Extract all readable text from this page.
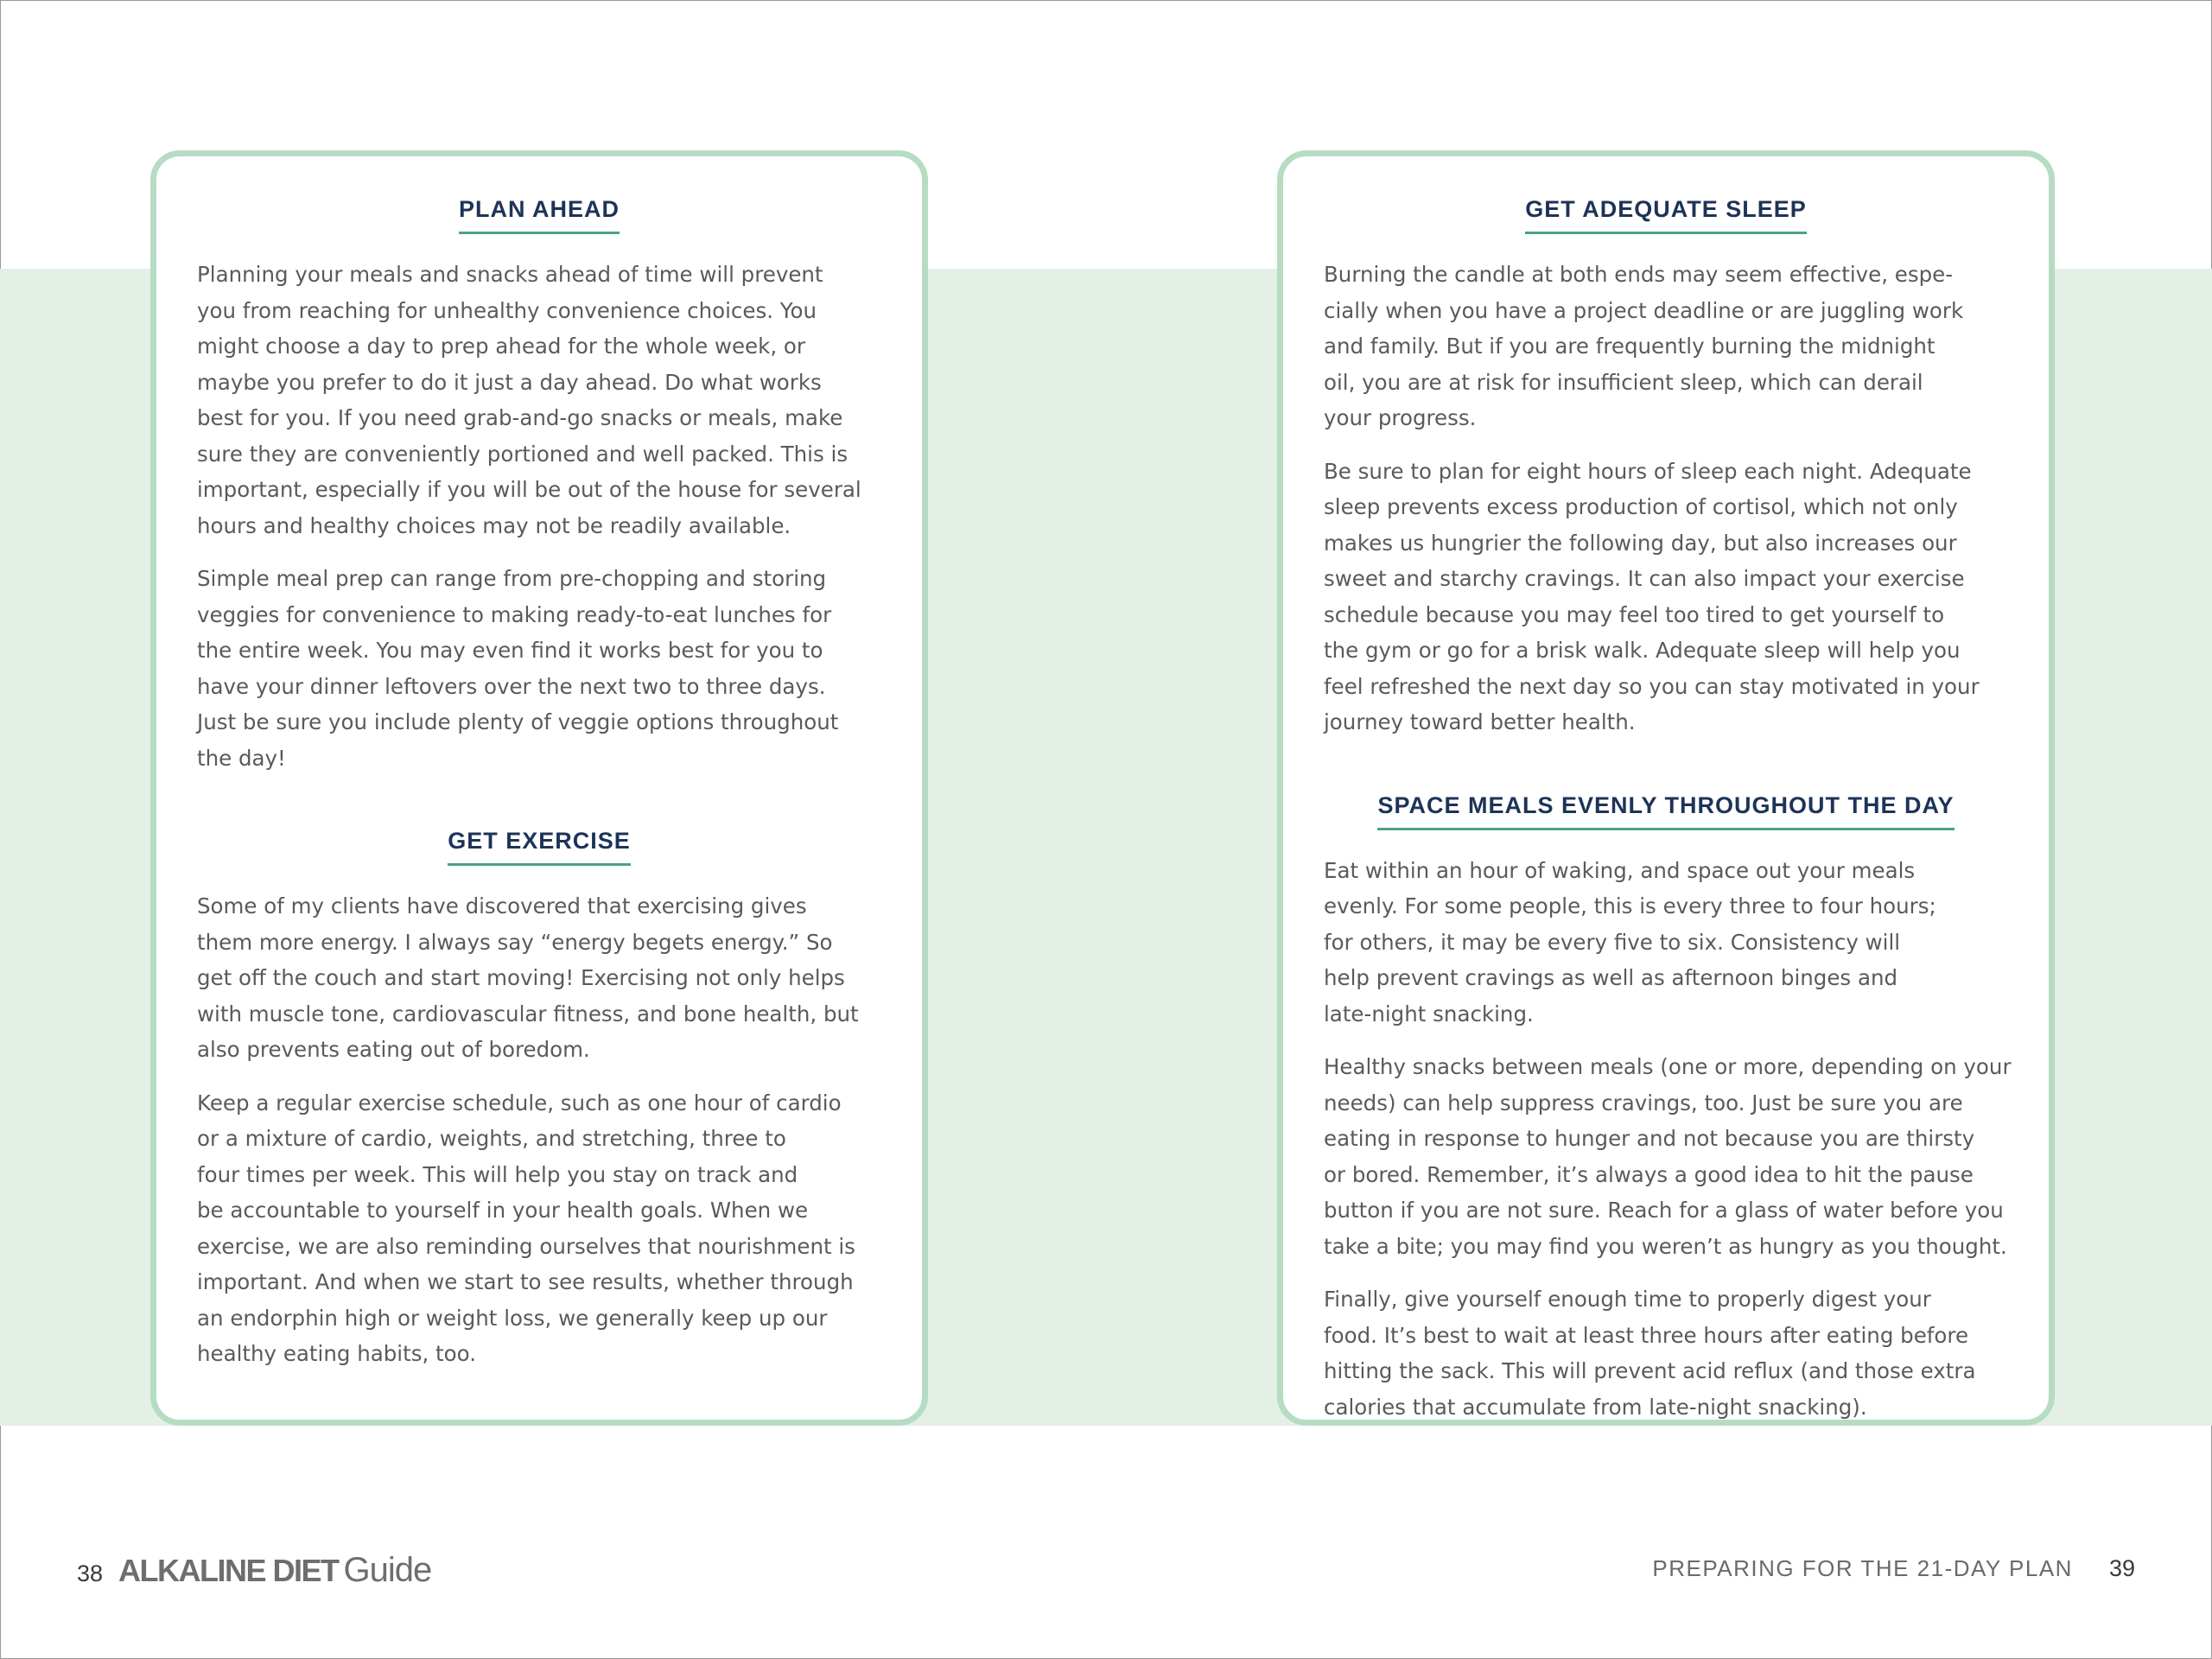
PLAN AHEAD
Planning your meals and snacks ahead of time will prevent
you from reaching for unhealthy convenience choices. You
might choose a day to prep ahead for the whole week, or
maybe you prefer to do it just a day ahead. Do what works
best for you. If you need grab-and-go snacks or meals, make
sure they are conveniently portioned and well packed. This is
important, especially if you will be out of the house for several
hours and healthy choices may not be readily available.
Simple meal prep can range from pre-chopping and storing
veggies for convenience to making ready-to-eat lunches for
the entire week. You may even find it works best for you to
have your dinner leftovers over the next two to three days.
Just be sure you include plenty of veggie options throughout
the day!
GET EXERCISE
Some of my clients have discovered that exercising gives
them more energy. I always say “energy begets energy.” So
get off the couch and start moving! Exercising not only helps
with muscle tone, cardiovascular fitness, and bone health, but
also prevents eating out of boredom.
Keep a regular exercise schedule, such as one hour of cardio
or a mixture of cardio, weights, and stretching, three to
four times per week. This will help you stay on track and
be accountable to yourself in your health goals. When we
exercise, we are also reminding ourselves that nourishment is
important. And when we start to see results, whether through
an endorphin high or weight loss, we generally keep up our
healthy eating habits, too.
GET ADEQUATE SLEEP
Burning the candle at both ends may seem effective, espe-
cially when you have a project deadline or are juggling work
and family. But if you are frequently burning the midnight
oil, you are at risk for insufficient sleep, which can derail
your progress.
Be sure to plan for eight hours of sleep each night. Adequate
sleep prevents excess production of cortisol, which not only
makes us hungrier the following day, but also increases our
sweet and starchy cravings. It can also impact your exercise
schedule because you may feel too tired to get yourself to
the gym or go for a brisk walk. Adequate sleep will help you
feel refreshed the next day so you can stay motivated in your
journey toward better health.
SPACE MEALS EVENLY THROUGHOUT THE DAY
Eat within an hour of waking, and space out your meals
evenly. For some people, this is every three to four hours;
for others, it may be every five to six. Consistency will
help prevent cravings as well as afternoon binges and
late-night snacking.
Healthy snacks between meals (one or more, depending on your
needs) can help suppress cravings, too. Just be sure you are
eating in response to hunger and not because you are thirsty
or bored. Remember, it’s always a good idea to hit the pause
button if you are not sure. Reach for a glass of water before you
take a bite; you may find you weren’t as hungry as you thought.
Finally, give yourself enough time to properly digest your
food. It’s best to wait at least three hours after eating before
hitting the sack. This will prevent acid reflux (and those extra
calories that accumulate from late-night snacking).
38 ALKALINE DIET Guide	PREPARING FOR THE 21-DAY PLAN 39
